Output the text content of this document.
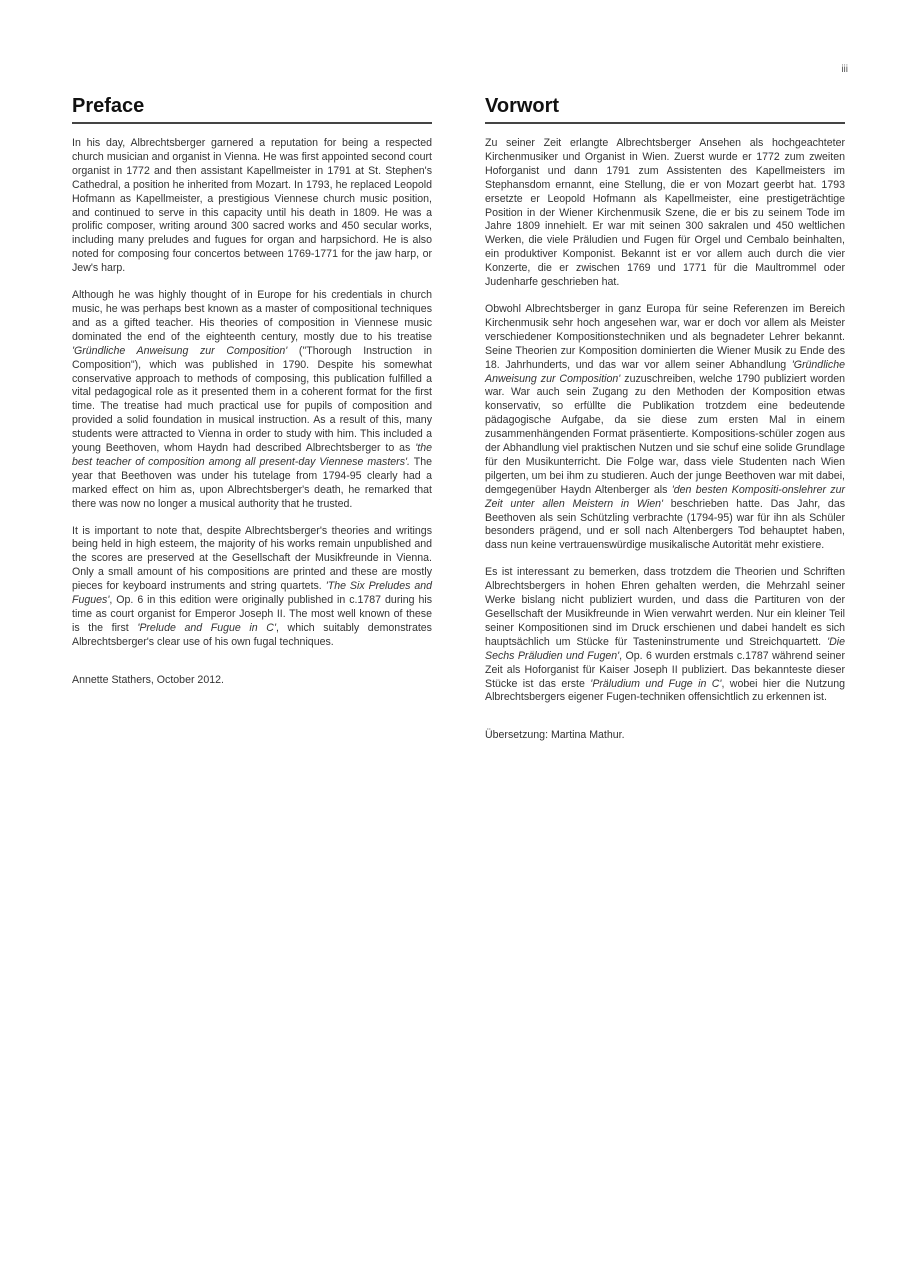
iii
Preface

In his day, Albrechtsberger garnered a reputation for being a respected church musician and organist in Vienna. He was first appointed second court organist in 1772 and then assistant Kapellmeister in 1791 at St. Stephen's Cathedral, a position he inherited from Mozart. In 1793, he replaced Leopold Hofmann as Kapellmeister, a prestigious Viennese church music position, and continued to serve in this capacity until his death in 1809. He was a prolific composer, writing around 300 sacred works and 450 secular works, including many preludes and fugues for organ and harpsichord. He is also noted for composing four concertos between 1769-1771 for the jaw harp, or Jew's harp.

Although he was highly thought of in Europe for his credentials in church music, he was perhaps best known as a master of compositional techniques and as a gifted teacher. His theories of composition in Viennese music dominated the end of the eighteenth century, mostly due to his treatise 'Gründliche Anweisung zur Composition' ("Thorough Instruction in Composition"), which was published in 1790. Despite his somewhat conservative approach to methods of composing, this publication fulfilled a vital pedagogical role as it presented them in a coherent format for the first time. The treatise had much practical use for pupils of composition and provided a solid foundation in musical instruction. As a result of this, many students were attracted to Vienna in order to study with him. This included a young Beethoven, whom Haydn had described Albrechtsberger to as 'the best teacher of composition among all present-day Viennese masters'. The year that Beethoven was under his tutelage from 1794-95 clearly had a marked effect on him as, upon Albrechtsberger's death, he remarked that there was now no longer a musical authority that he trusted.

It is important to note that, despite Albrechtsberger's theories and writings being held in high esteem, the majority of his works remain unpublished and the scores are preserved at the Gesellschaft der Musikfreunde in Vienna. Only a small amount of his compositions are printed and these are mostly pieces for keyboard instruments and string quartets. 'The Six Preludes and Fugues', Op. 6 in this edition were originally published in c.1787 during his time as court organist for Emperor Joseph II. The most well known of these is the first 'Prelude and Fugue in C', which suitably demonstrates Albrechtsberger's clear use of his own fugal techniques.

Annette Stathers, October 2012.

Vorwort

Zu seiner Zeit erlangte Albrechtsberger Ansehen als hochgeachteter Kirchenmusiker und Organist in Wien. Zuerst wurde er 1772 zum zweiten Hoforganist und dann 1791 zum Assistenten des Kapellmeisters im Stephansdom ernannt, eine Stellung, die er von Mozart geerbt hat. 1793 ersetzte er Leopold Hofmann als Kapellmeister, eine prestigeträchtige Position in der Wiener Kirchenmusik Szene, die er bis zu seinem Tode im Jahre 1809 innehielt. Er war mit seinen 300 sakralen und 450 weltlichen Werken, die viele Präludien und Fugen für Orgel und Cembalo beinhalten, ein produktiver Komponist. Bekannt ist er vor allem auch durch die vier Konzerte, die er zwischen 1769 und 1771 für die Maultrommel oder Judenharfe geschrieben hat.

Obwohl Albrechtsberger in ganz Europa für seine Referenzen im Bereich Kirchenmusik sehr hoch angesehen war, war er doch vor allem als Meister verschiedener Kompositionstechniken und als begnadeter Lehrer bekannt. Seine Theorien zur Komposition dominierten die Wiener Musik zu Ende des 18. Jahrhunderts, und das war vor allem seiner Abhandlung 'Gründliche Anweisung zur Composition' zuzuschreiben, welche 1790 publiziert worden war. War auch sein Zugang zu den Methoden der Komposition etwas konservativ, so erfüllte die Publikation trotzdem eine bedeutende pädagogische Aufgabe, da sie diese zum ersten Mal in einem zusammenhängenden Format präsentierte. Kompositions-schüler zogen aus der Abhandlung viel praktischen Nutzen und sie schuf eine solide Grundlage für den Musikunterricht. Die Folge war, dass viele Studenten nach Wien pilgerten, um bei ihm zu studieren. Auch der junge Beethoven war mit dabei, demgegenüber Haydn Altenberger als 'den besten Kompositi-onslehrer zur Zeit unter allen Meistern in Wien' beschrieben hatte. Das Jahr, das Beethoven als sein Schützling verbrachte (1794-95) war für ihn als Schüler besonders prägend, und er soll nach Altenbergers Tod behauptet haben, dass nun keine vertrauenswürdige musikalische Autorität mehr existiere.

Es ist interessant zu bemerken, dass trotzdem die Theorien und Schriften Albrechtsbergers in hohen Ehren gehalten werden, die Mehrzahl seiner Werke bislang nicht publiziert wurden, und dass die Partituren von der Gesellschaft der Musikfreunde in Wien verwahrt werden. Nur ein kleiner Teil seiner Kompositionen sind im Druck erschienen und dabei handelt es sich hauptsächlich um Stücke für Tasteninstrumente und Streichquartett. 'Die Sechs Präludien und Fugen', Op. 6 wurden erstmals c.1787 während seiner Zeit als Hoforganist für Kaiser Joseph II publiziert. Das bekannteste dieser Stücke ist das erste 'Präludium und Fuge in C', wobei hier die Nutzung Albrechtsbergers eigener Fugen-techniken offensichtlich zu erkennen ist.

Übersetzung: Martina Mathur.
